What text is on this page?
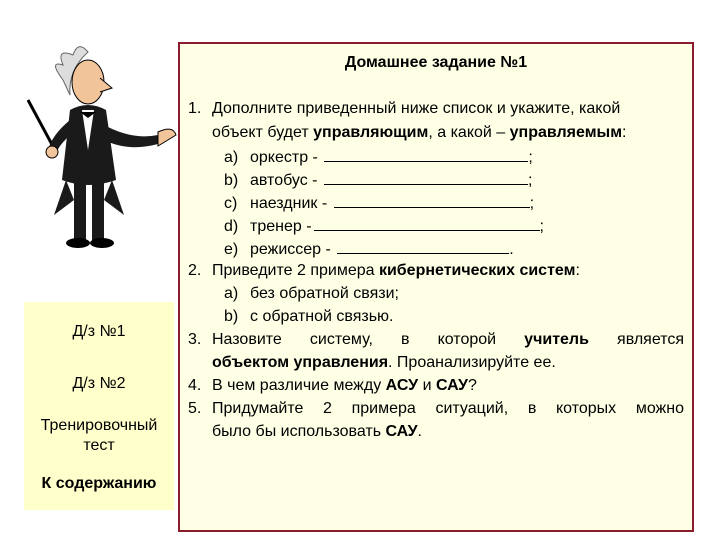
Д/з №1
Д/з №2
Тренировочный
тест
К содержанию
Домашнее задание №1
1. Дополните приведенный ниже список и укажите, какой
объект будет управляющим, а какой – управляемым:
a) оркестр -	;
b) автобус -	;
c) наездник -	;
d) тренер -	;
e) режиссер -	.
2. Приведите 2 примера кибернетических систем:
a) без обратной связи;
b) с обратной связью.
3. Назовите систему, в которой учитель является
объектом управления. Проанализируйте ее.
4. В чем различие между АСУ и САУ?
5. Придумайте 2 примера ситуаций, в которых можно
было бы использовать САУ.
